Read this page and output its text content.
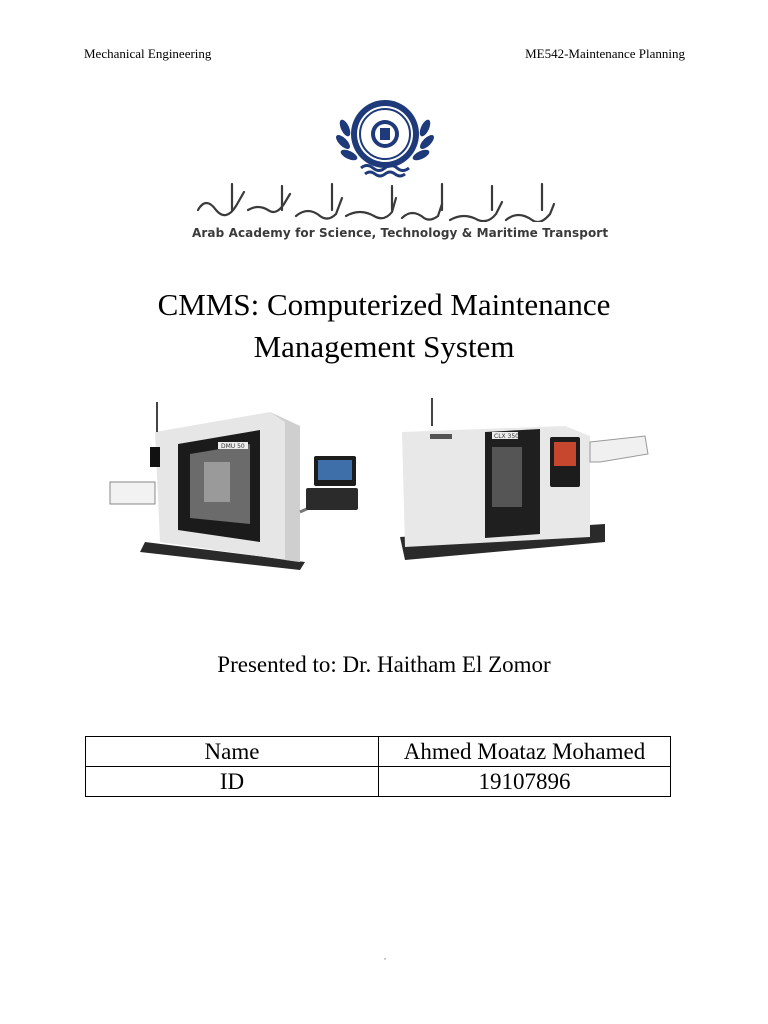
Mechanical Engineering	ME542-Maintenance Planning
Arab Academy for Science, Technology & Maritime Transport
CMMS: Computerized Maintenance
Management System
DMU 50
CLX 350
Presented to: Dr. Haitham El Zomor
Name	Ahmed Moataz Mohamed
ID	19107896
,
